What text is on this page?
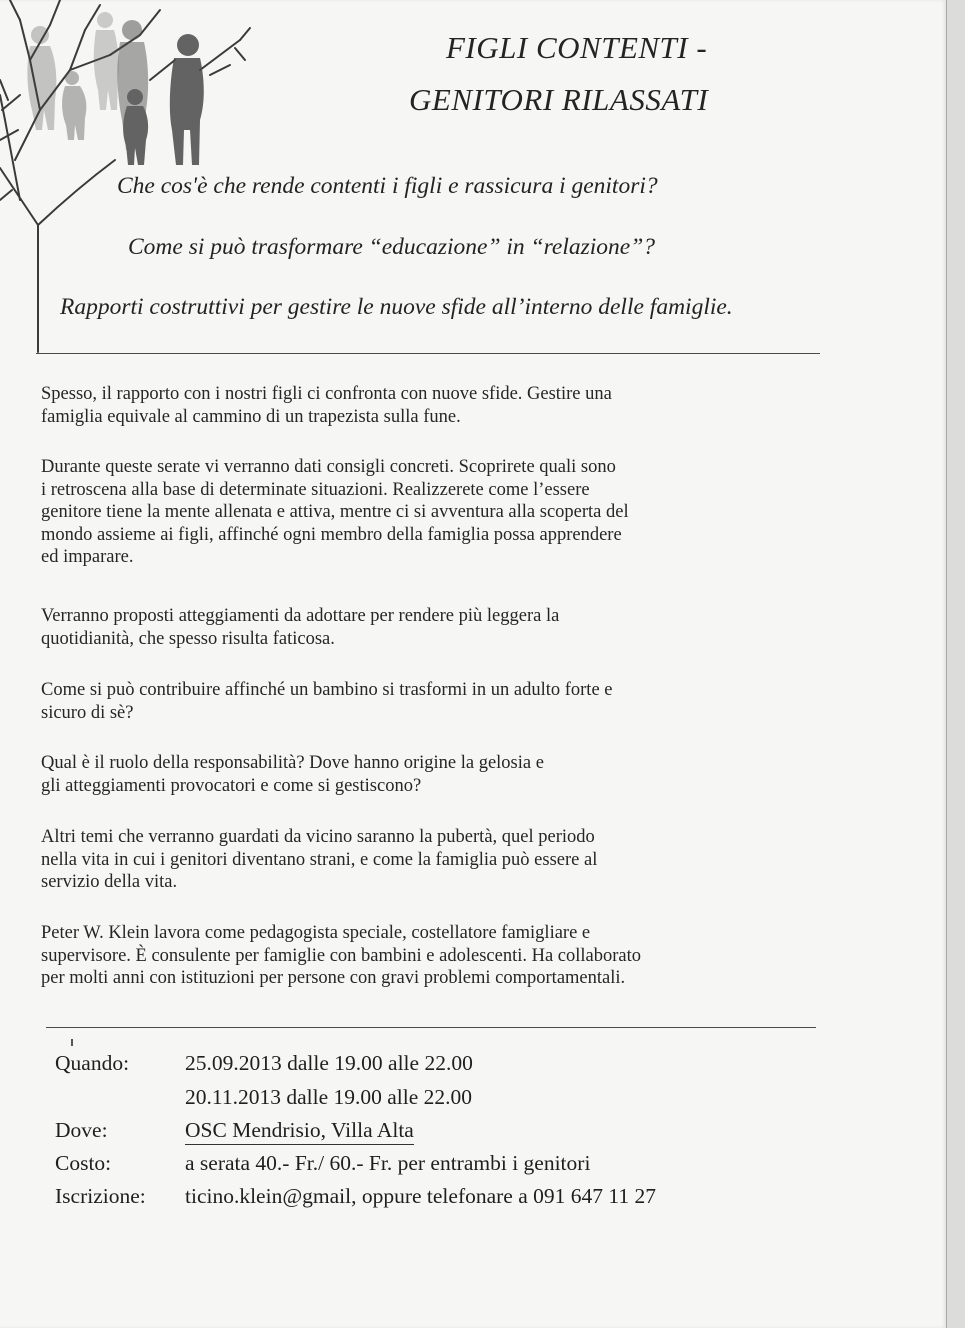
FIGLI CONTENTI -
GENITORI RILASSATI
Che cos'è che rende contenti i figli e rassicura i genitori?
Come si può trasformare “educazione” in “relazione”?
Rapporti costruttivi per gestire le nuove sfide all’interno delle famiglie.
Spesso, il rapporto con i nostri figli ci confronta con nuove sfide. Gestire una
famiglia equivale al cammino di un trapezista sulla fune.
Durante queste serate vi verranno dati consigli concreti. Scoprirete quali sono
i retroscena alla base di determinate situazioni. Realizzerete come l’essere
genitore tiene la mente allenata e attiva, mentre ci si avventura alla scoperta del
mondo assieme ai figli, affinché ogni membro della famiglia possa apprendere
ed imparare.
Verranno proposti atteggiamenti da adottare per rendere più leggera la
quotidianità, che spesso risulta faticosa.
Come si può contribuire affinché un bambino si trasformi in un adulto forte e
sicuro di sè?
Qual è il ruolo della responsabilità? Dove hanno origine la gelosia e
gli atteggiamenti provocatori e come si gestiscono?
Altri temi che verranno guardati da vicino saranno la pubertà, quel periodo
nella vita in cui i genitori diventano strani, e come la famiglia può essere al
servizio della vita.
Peter W. Klein lavora come pedagogista speciale, costellatore famigliare e
supervisore. È consulente per famiglie con bambini e adolescenti. Ha collaborato
per molti anni con istituzioni per persone con gravi problemi comportamentali.
Quando:	25.09.2013 dalle 19.00 alle 22.00
20.11.2013 dalle 19.00 alle 22.00
Dove:	OSC Mendrisio, Villa Alta
Costo:	a serata 40.- Fr./ 60.- Fr. per entrambi i genitori
Iscrizione:	ticino.klein@gmail, oppure telefonare a 091 647 11 27
